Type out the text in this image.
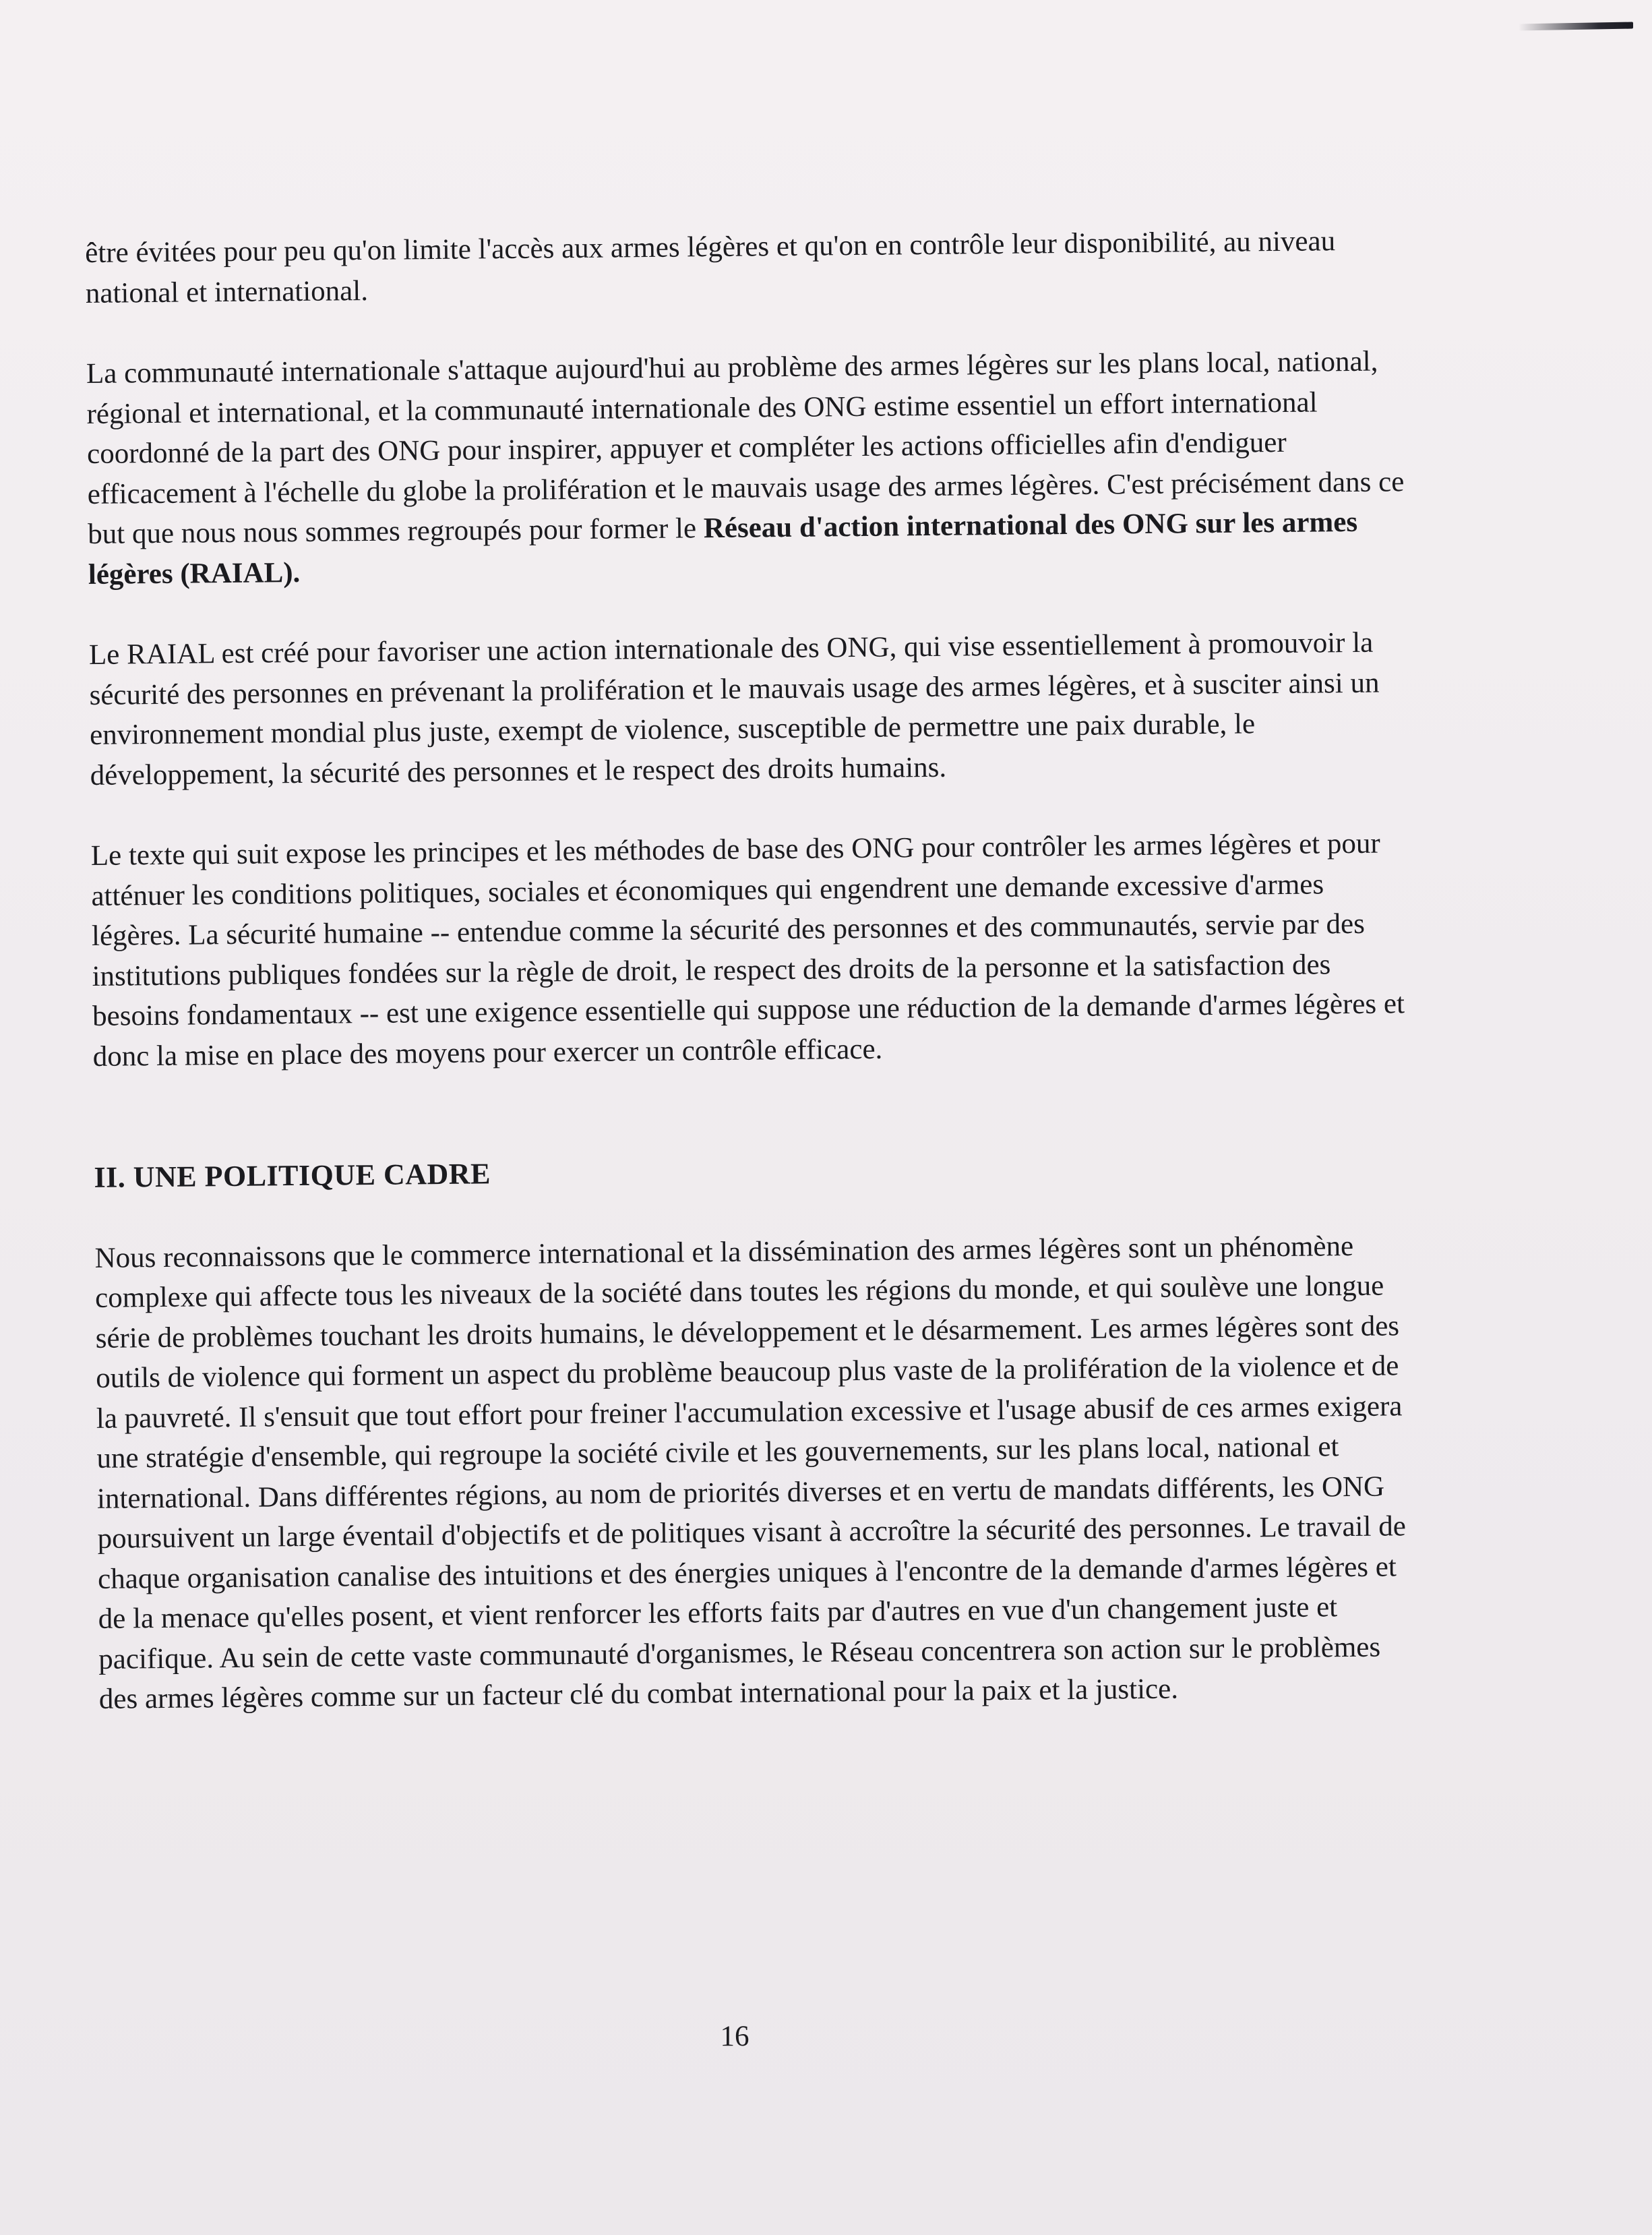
être évitées pour peu qu'on limite l'accès aux armes légères et qu'on en contrôle leur disponibilité, au niveau national et international.

La communauté internationale s'attaque aujourd'hui au problème des armes légères sur les plans local, national, régional et international, et la communauté internationale des ONG estime essentiel un effort international coordonné de la part des ONG pour inspirer, appuyer et compléter les actions officielles afin d'endiguer efficacement à l'échelle du globe la prolifération et le mauvais usage des armes légères. C'est précisément dans ce but que nous nous sommes regroupés pour former le Réseau d'action international des ONG sur les armes légères (RAIAL).

Le RAIAL est créé pour favoriser une action internationale des ONG, qui vise essentiellement à promouvoir la sécurité des personnes en prévenant la prolifération et le mauvais usage des armes légères, et à susciter ainsi un environnement mondial plus juste, exempt de violence, susceptible de permettre une paix durable, le développement, la sécurité des personnes et le respect des droits humains.

Le texte qui suit expose les principes et les méthodes de base des ONG pour contrôler les armes légères et pour atténuer les conditions politiques, sociales et économiques qui engendrent une demande excessive d'armes légères. La sécurité humaine -- entendue comme la sécurité des personnes et des communautés, servie par des institutions publiques fondées sur la règle de droit, le respect des droits de la personne et la satisfaction des besoins fondamentaux -- est une exigence essentielle qui suppose une réduction de la demande d'armes légères et donc la mise en place des moyens pour exercer un contrôle efficace.

II. UNE POLITIQUE CADRE

Nous reconnaissons que le commerce international et la dissémination des armes légères sont un phénomène complexe qui affecte tous les niveaux de la société dans toutes les régions du monde, et qui soulève une longue série de problèmes touchant les droits humains, le développement et le désarmement. Les armes légères sont des outils de violence qui forment un aspect du problème beaucoup plus vaste de la prolifération de la violence et de la pauvreté. Il s'ensuit que tout effort pour freiner l'accumulation excessive et l'usage abusif de ces armes exigera une stratégie d'ensemble, qui regroupe la société civile et les gouvernements, sur les plans local, national et international. Dans différentes régions, au nom de priorités diverses et en vertu de mandats différents, les ONG poursuivent un large éventail d'objectifs et de politiques visant à accroître la sécurité des personnes. Le travail de chaque organisation canalise des intuitions et des énergies uniques à l'encontre de la demande d'armes légères et de la menace qu'elles posent, et vient renforcer les efforts faits par d'autres en vue d'un changement juste et pacifique. Au sein de cette vaste communauté d'organismes, le Réseau concentrera son action sur le problèmes des armes légères comme sur un facteur clé du combat international pour la paix et la justice.

16
